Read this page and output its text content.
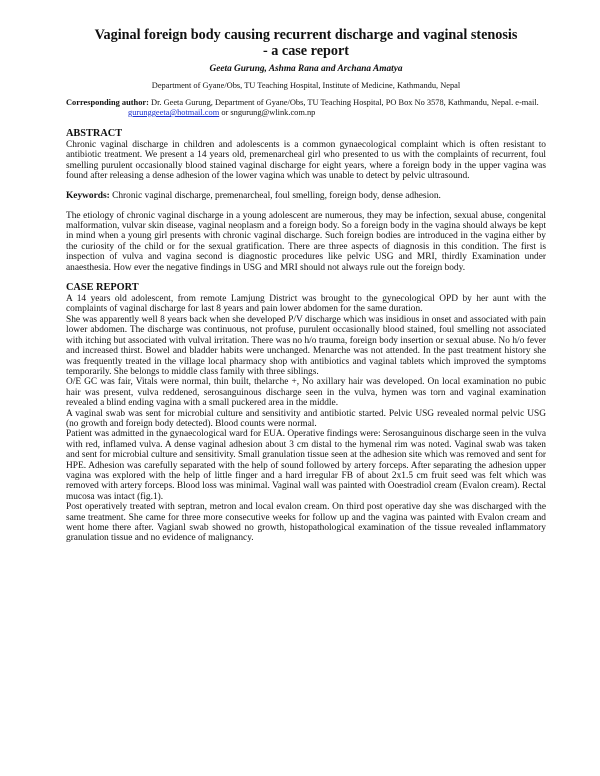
Vaginal foreign body causing recurrent discharge and vaginal stenosis
- a case report
Geeta Gurung, Ashma Rana and Archana Amatya
Department of Gyane/Obs, TU Teaching Hospital, Institute of Medicine, Kathmandu, Nepal
Corresponding author: Dr. Geeta Gurung, Department of Gyane/Obs, TU Teaching Hospital, PO Box No 3578, Kathmandu, Nepal. e-mail. gurunggeeta@hotmail.com or sngurung@wlink.com.np
ABSTRACT

Chronic vaginal discharge in children and adolescents is a common gynaecological complaint which is often resistant to antibiotic treatment. We present a 14 years old, premenarcheal girl who presented to us with the complaints of recurrent, foul smelling purulent occasionally blood stained vaginal discharge for eight years, where a foreign body in the upper vagina was found after releasing a dense adhesion of the lower vagina which was unable to detect by pelvic ultrasound.

Keywords: Chronic vaginal discharge, premenarcheal, foul smelling, foreign body, dense adhesion.

The etiology of chronic vaginal discharge in a young adolescent are numerous, they may be infection, sexual abuse, congenital malformation, vulvar skin disease, vaginal neoplasm and a foreign body. So a foreign body in the vagina should always be kept in mind when a young girl presents with chronic vaginal discharge. Such foreign bodies are introduced in the vagina either by the curiosity of the child or for the sexual gratification. There are three aspects of diagnosis in this condition. The first is inspection of vulva and vagina second is diagnostic procedures like pelvic USG and MRI, thirdly Examination under anaesthesia. How ever the negative findings in USG and MRI should not always rule out the foreign body.

CASE REPORT

A 14 years old adolescent, from remote Lamjung District was brought to the gynecological OPD by her aunt with the complaints of vaginal discharge for last 8 years and pain lower abdomen for the same duration.

She was apparently well 8 years back when she developed P/V discharge which was insidious in onset and associated with pain lower abdomen. The discharge was continuous, not profuse, purulent occasionally blood stained, foul smelling not associated with itching but associated with vulval irritation. There was no h/o trauma, foreign body insertion or sexual abuse. No h/o fever and increased thirst. Bowel and bladder habits were unchanged. Menarche was not attended. In the past treatment history she was frequently treated in the village local pharmacy shop with antibiotics and vaginal tablets which improved the symptoms temporarily. She belongs to middle class family with three siblings.

O/E GC was fair, Vitals were normal, thin built, thelarche +, No axillary hair was developed. On local examination no pubic hair was present, vulva reddened, serosanguinous discharge seen in the vulva, hymen was torn and vaginal examination revealed a blind ending vagina with a small puckered area in the middle.

A vaginal swab was sent for microbial culture and sensitivity and antibiotic started. Pelvic USG revealed normal pelvic USG (no growth and foreign body detected). Blood counts were normal.

Patient was admitted in the gynaecological ward for EUA. Operative findings were: Serosanguinous discharge seen in the vulva with red, inflamed vulva. A dense vaginal adhesion about 3 cm distal to the hymenal rim was noted. Vaginal swab was taken and sent for microbial culture and sensitivity. Small granulation tissue seen at the adhesion site which was removed and sent for HPE. Adhesion was carefully separated with the help of sound followed by artery forceps. After separating the adhesion upper vagina was explored with the help of little finger and a hard irregular FB of about 2x1.5 cm fruit seed was felt which was removed with artery forceps. Blood loss was minimal. Vaginal wall was painted with Ooestradiol cream (Evalon cream). Rectal mucosa was intact (fig.1).

Post operatively treated with septran, metron and local evalon cream. On third post operative day she was discharged with the same treatment. She came for three more consecutive weeks for follow up and the vagina was painted with Evalon cream and went home there after. Vagianl swab showed no growth, histopathological examination of the tissue revealed inflammatory granulation tissue and no evidence of malignancy.
